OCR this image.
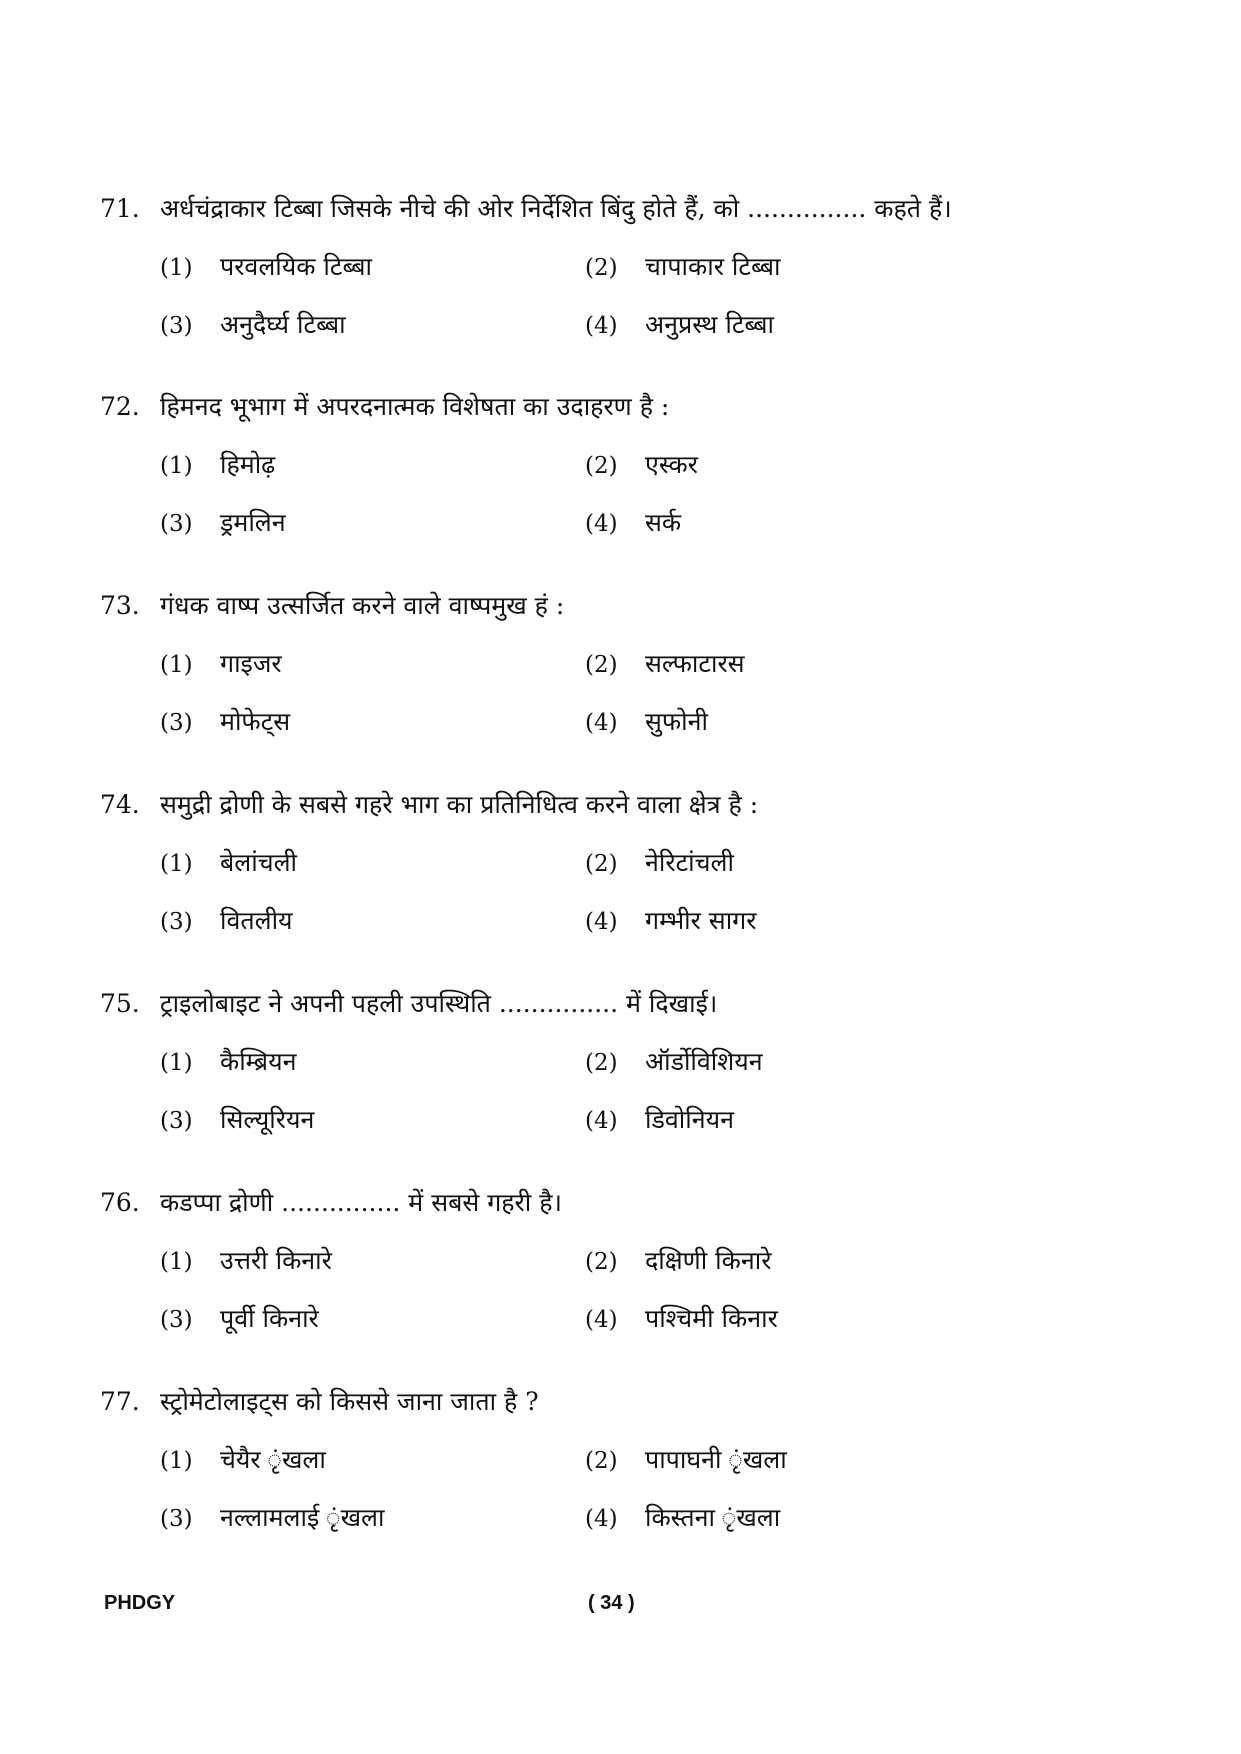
71. अर्धचंद्राकार टिब्बा जिसके नीचे की ओर निर्देशित बिंदु होते हैं, को ............... कहते हैं।
(1) परवलयिक टिब्बा	(2) चापाकार टिब्बा
(3) अनुदैर्घ्य टिब्बा	(4) अनुप्रस्थ टिब्बा
72. हिमनद भूभाग में अपरदनात्मक विशेषता का उदाहरण है :
(1) हिमोढ़	(2) एस्कर
(3) ड्रमलिन	(4) सर्क
73. गंधक वाष्प उत्सर्जित करने वाले वाष्पमुख हं :
(1) गाइजर	(2) सल्फाटारस
(3) मोफेट्स	(4) सुफोनी
74. समुद्री द्रोणी के सबसे गहरे भाग का प्रतिनिधित्व करने वाला क्षेत्र है :
(1) बेलांचली	(2) नेरिटांचली
(3) वितलीय	(4) गम्भीर सागर
75. ट्राइलोबाइट ने अपनी पहली उपस्थिति ............... में दिखाई।
(1) कैम्ब्रियन	(2) ऑर्डोविशियन
(3) सिल्यूरियन	(4) डिवोनियन
76. कडप्पा द्रोणी ............... में सबसे गहरी है।
(1) उत्तरी किनारे	(2) दक्षिणी किनारे
(3) पूर्वी किनारे	(4) पश्चिमी किनार
77. स्ट्रोमेटोलाइट्स को किससे जाना जाता है ?
(1) चेयैर ृंखला	(2) पापाघनी ृंखला
(3) नल्लामलाई ृंखला	(4) किस्तना ृंखला
PHDGY	( 34 )
